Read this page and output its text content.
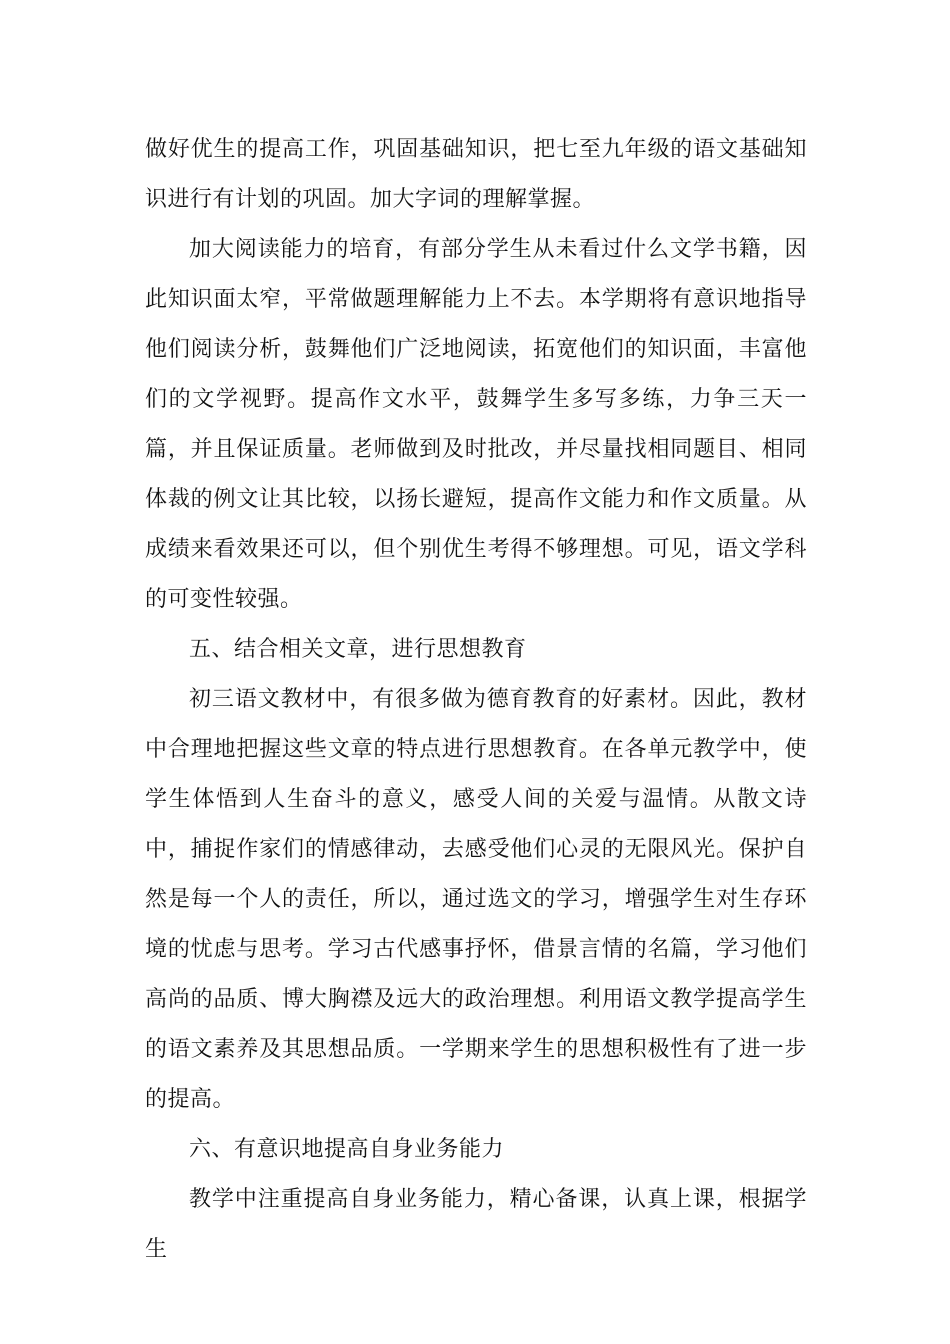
做好优生的提高工作，巩固基础知识，把七至九年级的语文基础知识进行有计划的巩固。加大字词的理解掌握。

加大阅读能力的培育，有部分学生从未看过什么文学书籍，因此知识面太窄，平常做题理解能力上不去。本学期将有意识地指导他们阅读分析，鼓舞他们广泛地阅读，拓宽他们的知识面，丰富他们的文学视野。提高作文水平，鼓舞学生多写多练，力争三天一篇，并且保证质量。老师做到及时批改，并尽量找相同题目、相同体裁的例文让其比较，以扬长避短，提高作文能力和作文质量。从成绩来看效果还可以，但个别优生考得不够理想。可见，语文学科的可变性较强。

五、结合相关文章，进行思想教育

初三语文教材中，有很多做为德育教育的好素材。因此，教材中合理地把握这些文章的特点进行思想教育。在各单元教学中，使学生体悟到人生奋斗的意义，感受人间的关爱与温情。从散文诗中，捕捉作家们的情感律动，去感受他们心灵的无限风光。保护自然是每一个人的责任，所以，通过选文的学习，增强学生对生存环境的忧虑与思考。学习古代感事抒怀，借景言情的名篇，学习他们高尚的品质、博大胸襟及远大的政治理想。利用语文教学提高学生的语文素养及其思想品质。一学期来学生的思想积极性有了进一步的提高。

六、有意识地提高自身业务能力

教学中注重提高自身业务能力，精心备课，认真上课，根据学生
